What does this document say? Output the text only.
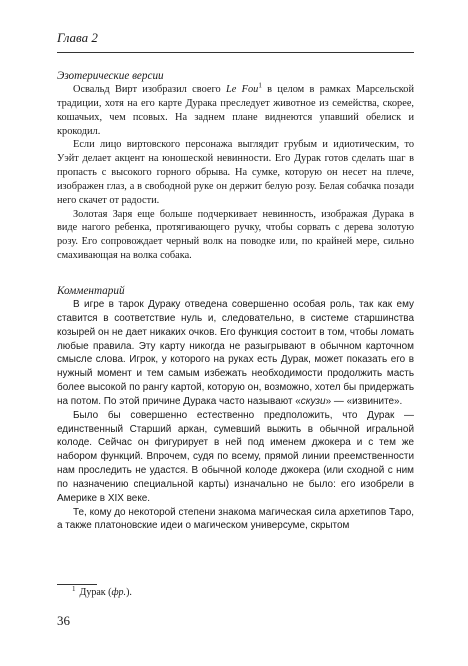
Глава 2

Эзотерические версии

Освальд Вирт изобразил своего Le Fou$^1$ в целом в рамках Марсельской традиции, хотя на его карте Дурака преследует животное из семейства, скорее, кошачьих, чем псовых. На заднем плане виднеются упавший обелиск и крокодил.

Если лицо виртовского персонажа выглядит грубым и идиотическим, то Уэйт делает акцент на юношеской невинности. Его Дурак готов сделать шаг в пропасть с высокого горного обрыва. На сумке, которую он несет на плече, изображен глаз, а в свободной руке он держит белую розу. Белая собачка позади него скачет от радости.

Золотая Заря еще больше подчеркивает невинность, изображая Дурака в виде нагого ребенка, протягивающего ручку, чтобы сорвать с дерева золотую розу. Его сопровождает черный волк на поводке или, по крайней мере, сильно смахивающая на волка собака.

Комментарий

В игре в тарок Дураку отведена совершенно особая роль, так как ему ставится в соответствие нуль и, следовательно, в системе старшинства козырей он не дает никаких очков. Его функция состоит в том, чтобы ломать любые правила. Эту карту никогда не разыгрывают в обычном карточном смысле слова. Игрок, у которого на руках есть Дурак, может показать его в нужный момент и тем самым избежать необходимости продолжить масть более высокой по рангу картой, которую он, возможно, хотел бы придержать на потом. По этой причине Дурака часто называют «скузи» — «извините».

Было бы совершенно естественно предположить, что Дурак — единственный Старший аркан, сумевший выжить в обычной игральной колоде. Сейчас он фигурирует в ней под именем джокера и с тем же набором функций. Впрочем, судя по всему, прямой линии преемственности нам проследить не удастся. В обычной колоде джокера (или сходной с ним по назначению специальной карты) изначально не было: его изобрели в Америке в XIX веке.

Те, кому до некоторой степени знакома магическая сила архетипов Таро, а также платоновские идеи о магическом универсуме, скрытом

$^1$ Дурак (фр.).
36
